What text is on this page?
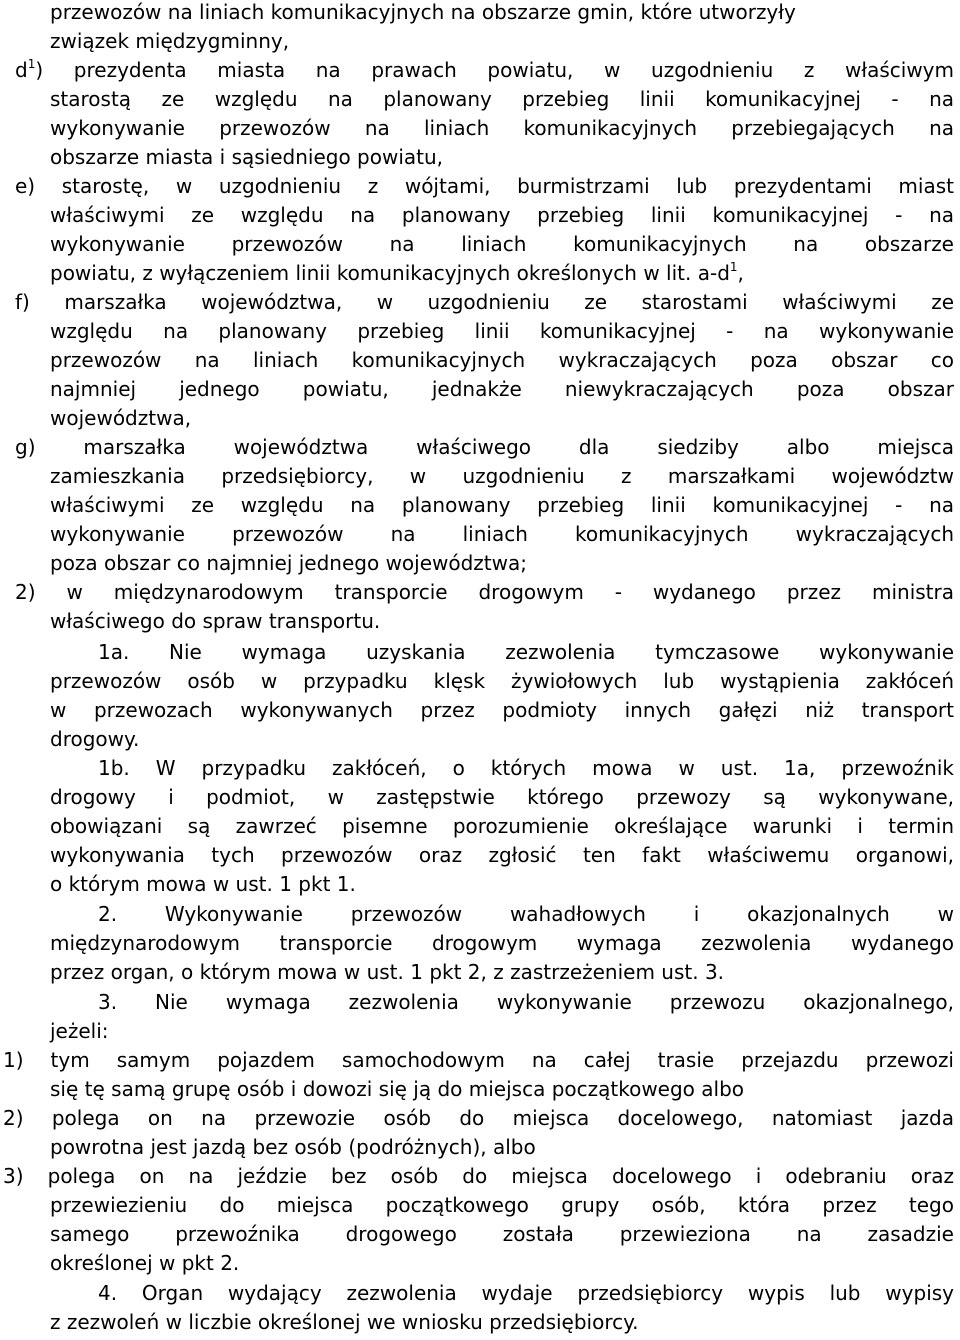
przewozów na liniach komunikacyjnych na obszarze gmin, które utworzyły
związek międzygminny,
$d^1$) prezydenta miasta na prawach powiatu, w uzgodnieniu z właściwym
starostą ze względu na planowany przebieg linii komunikacyjnej - na
wykonywanie przewozów na liniach komunikacyjnych przebiegających na
obszarze miasta i sąsiedniego powiatu,
e) starostę, w uzgodnieniu z wójtami, burmistrzami lub prezydentami miast
właściwymi ze względu na planowany przebieg linii komunikacyjnej - na
wykonywanie przewozów na liniach komunikacyjnych na obszarze
powiatu, z wyłączeniem linii komunikacyjnych określonych w lit. $a-d^1$,
f) marszałka województwa, w uzgodnieniu ze starostami właściwymi ze
względu na planowany przebieg linii komunikacyjnej - na wykonywanie
przewozów na liniach komunikacyjnych wykraczających poza obszar co
najmniej jednego powiatu, jednakże niewykraczających poza obszar
województwa,
g) marszałka województwa właściwego dla siedziby albo miejsca
zamieszkania przedsiębiorcy, w uzgodnieniu z marszałkami województw
właściwymi ze względu na planowany przebieg linii komunikacyjnej - na
wykonywanie przewozów na liniach komunikacyjnych wykraczających
poza obszar co najmniej jednego województwa;
2) w międzynarodowym transporcie drogowym - wydanego przez ministra
właściwego do spraw transportu.
1a. Nie wymaga uzyskania zezwolenia tymczasowe wykonywanie
przewozów osób w przypadku klęsk żywiołowych lub wystąpienia zakłóceń
w przewozach wykonywanych przez podmioty innych gałęzi niż transport
drogowy.
1b. W przypadku zakłóceń, o których mowa w ust. 1a, przewoźnik
drogowy i podmiot, w zastępstwie którego przewozy są wykonywane,
obowiązani są zawrzeć pisemne porozumienie określające warunki i termin
wykonywania tych przewozów oraz zgłosić ten fakt właściwemu organowi,
o którym mowa w ust. 1 pkt 1.
2. Wykonywanie przewozów wahadłowych i okazjonalnych w
międzynarodowym transporcie drogowym wymaga zezwolenia wydanego
przez organ, o którym mowa w ust. 1 pkt 2, z zastrzeżeniem ust. 3.
3. Nie wymaga zezwolenia wykonywanie przewozu okazjonalnego,
jeżeli:
1) tym samym pojazdem samochodowym na całej trasie przejazdu przewozi
się tę samą grupę osób i dowozi się ją do miejsca początkowego albo
2) polega on na przewozie osób do miejsca docelowego, natomiast jazda
powrotna jest jazdą bez osób (podróżnych), albo
3) polega on na jeździe bez osób do miejsca docelowego i odebraniu oraz
przewiezieniu do miejsca początkowego grupy osób, która przez tego
samego przewoźnika drogowego została przewieziona na zasadzie
określonej w pkt 2.
4. Organ wydający zezwolenia wydaje przedsiębiorcy wypis lub wypisy
z zezwoleń w liczbie określonej we wniosku przedsiębiorcy.
